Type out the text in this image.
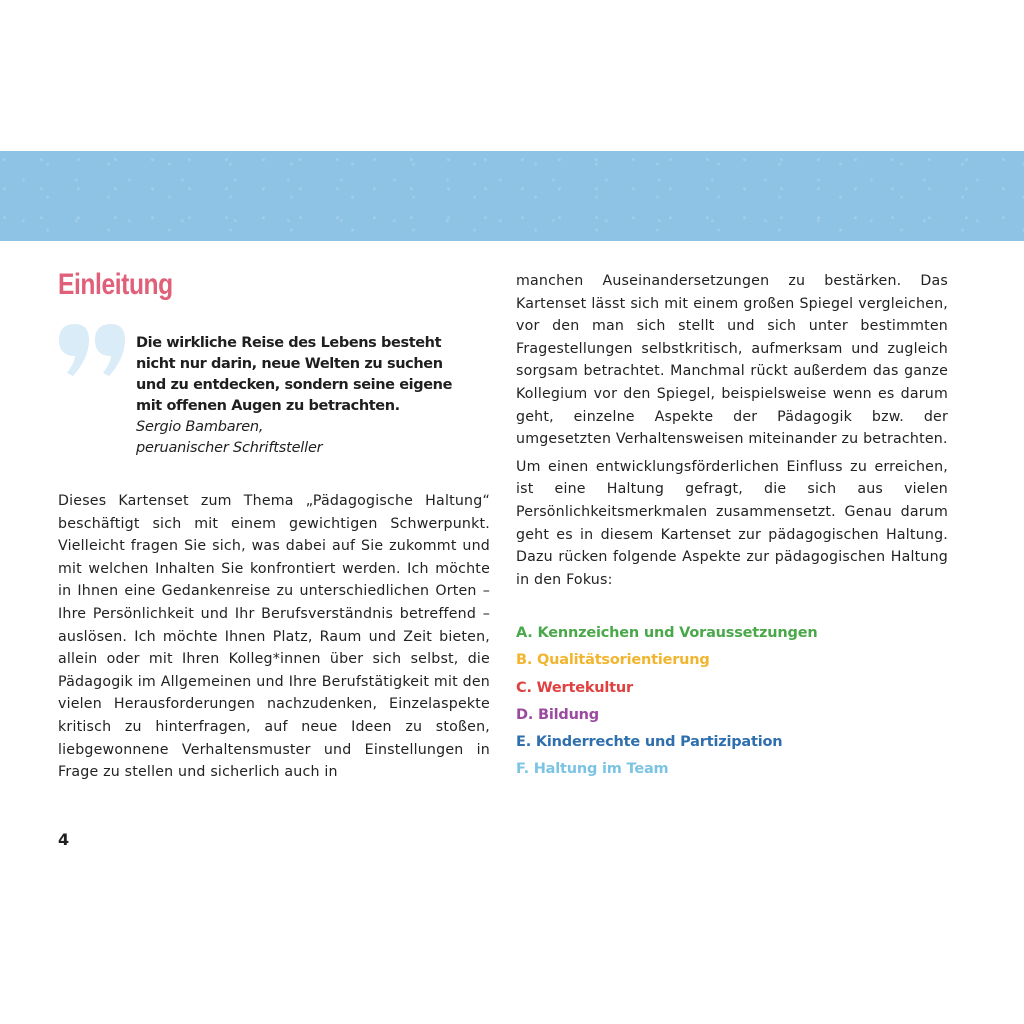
Einleitung
Die wirkliche Reise des Lebens besteht nicht nur darin, neue Welten zu suchen und zu entdecken, sondern seine eigene mit offenen Augen zu betrachten.
Sergio Bambaren,
peruanischer Schriftsteller

Dieses Kartenset zum Thema „Pädagogische Haltung“ beschäftigt sich mit einem gewichtigen Schwerpunkt. Vielleicht fragen Sie sich, was dabei auf Sie zukommt und mit welchen Inhalten Sie konfrontiert werden. Ich möchte in Ihnen eine Gedankenreise zu unterschiedlichen Orten – Ihre Persönlichkeit und Ihr Berufsverständnis betreffend – auslösen. Ich möchte Ihnen Platz, Raum und Zeit bieten, allein oder mit Ihren Kolleg*innen über sich selbst, die Pädagogik im Allgemeinen und Ihre Berufstätigkeit mit den vielen Herausforderungen nachzudenken, Einzelaspekte kritisch zu hinterfragen, auf neue Ideen zu stoßen, liebgewonnene Verhaltensmuster und Einstellungen in Frage zu stellen und sicherlich auch in

manchen Auseinandersetzungen zu bestärken. Das Kartenset lässt sich mit einem großen Spiegel vergleichen, vor den man sich stellt und sich unter bestimmten Fragestellungen selbstkritisch, aufmerksam und zugleich sorgsam betrachtet. Manchmal rückt außerdem das ganze Kollegium vor den Spiegel, beispielsweise wenn es darum geht, einzelne Aspekte der Pädagogik bzw. der umgesetzten Verhaltensweisen miteinander zu betrachten.

Um einen entwicklungsförderlichen Einfluss zu erreichen, ist eine Haltung gefragt, die sich aus vielen Persönlichkeitsmerkmalen zusammensetzt. Genau darum geht es in diesem Kartenset zur pädagogischen Haltung. Dazu rücken folgende Aspekte zur pädagogischen Haltung in den Fokus:

A. Kennzeichen und Voraussetzungen
B. Qualitätsorientierung
C. Wertekultur
D. Bildung
E. Kinderrechte und Partizipation
F. Haltung im Team
4
